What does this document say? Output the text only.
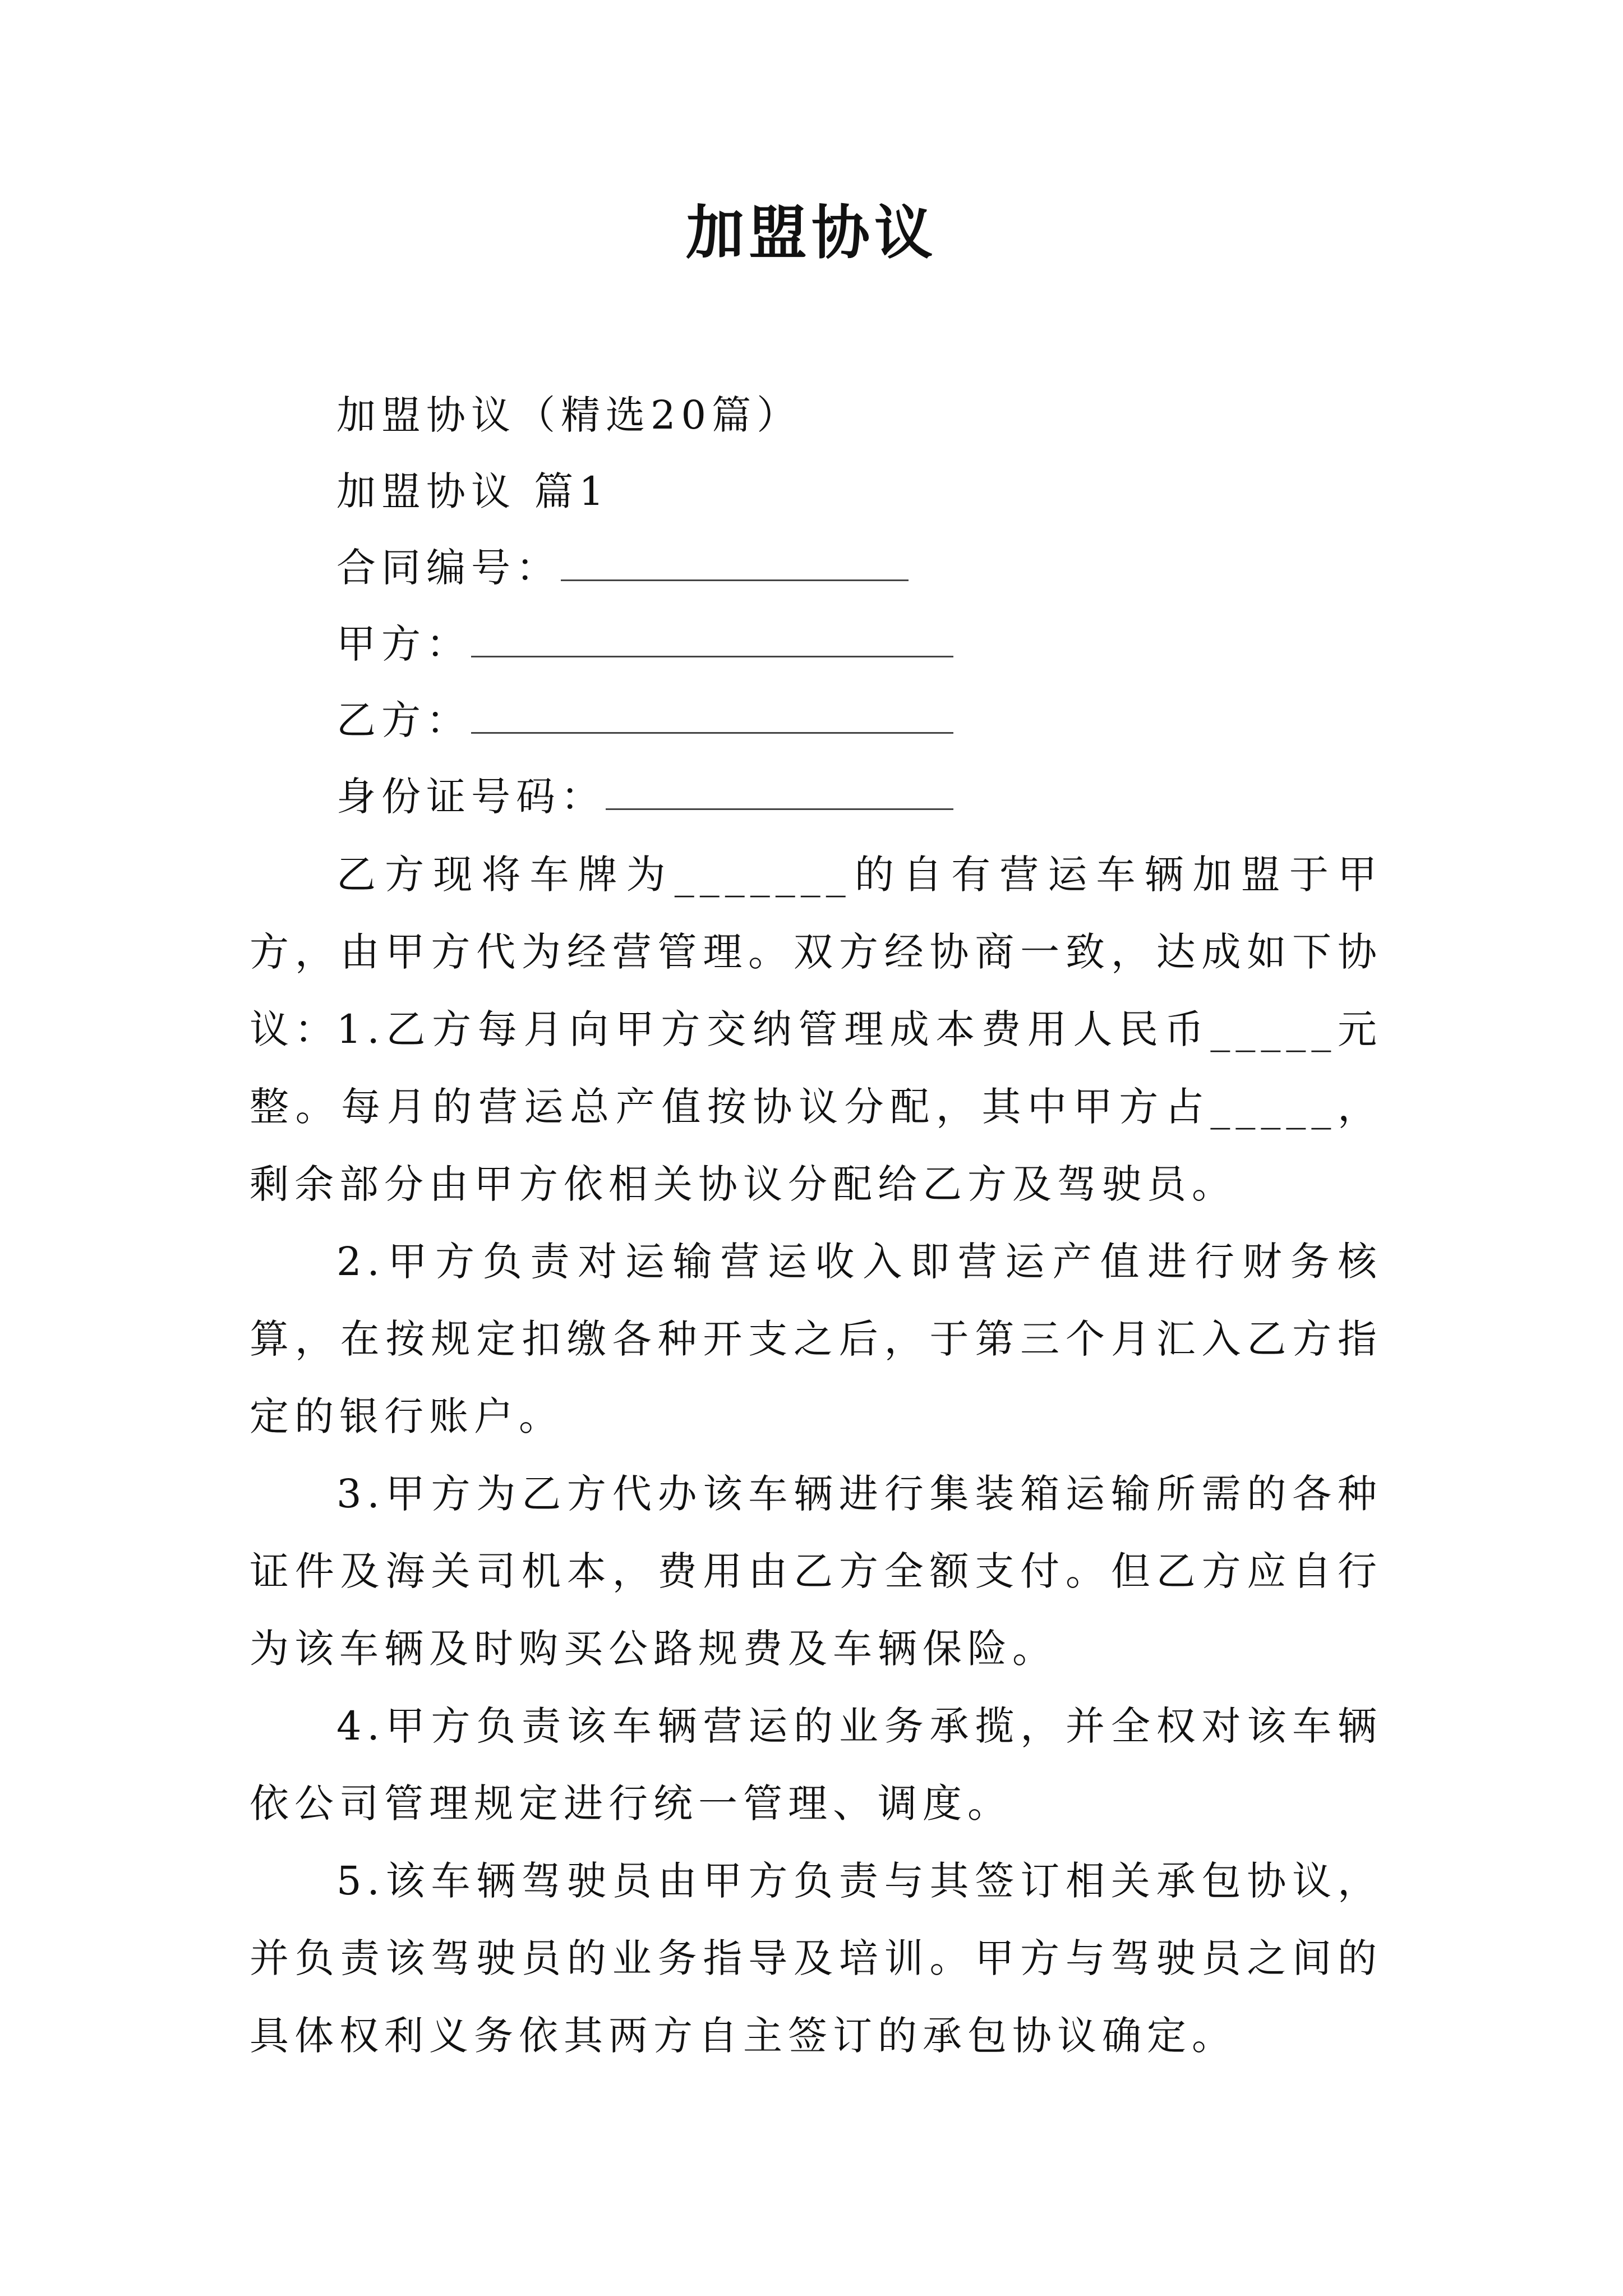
加盟协议
加盟协议（精选20篇）
加盟协议 篇1
合同编号：
甲方：
乙方：
身份证号码：
乙方现将车牌为_______的自有营运车辆加盟于甲方，由甲方代为经营管理。双方经协商一致，达成如下协议：
1.乙方每月向甲方交纳管理成本费用人民币_____元整。每月的营运总产值按协议分配，其中甲方占_____，剩余部分由甲方依相关协议分配给乙方及驾驶员。
2.甲方负责对运输营运收入即营运产值进行财务核算，在按规定扣缴各种开支之后，于第三个月汇入乙方指定的银行账户。
3.甲方为乙方代办该车辆进行集装箱运输所需的各种证件及海关司机本，费用由乙方全额支付。但乙方应自行为该车辆及时购买公路规费及车辆保险。
4.甲方负责该车辆营运的业务承揽，并全权对该车辆依公司管理规定进行统一管理、调度。
5.该车辆驾驶员由甲方负责与其签订相关承包协议，并负责该驾驶员的业务指导及培训。甲方与驾驶员之间的具体权利义务依其两方自主签订的承包协议确定。
